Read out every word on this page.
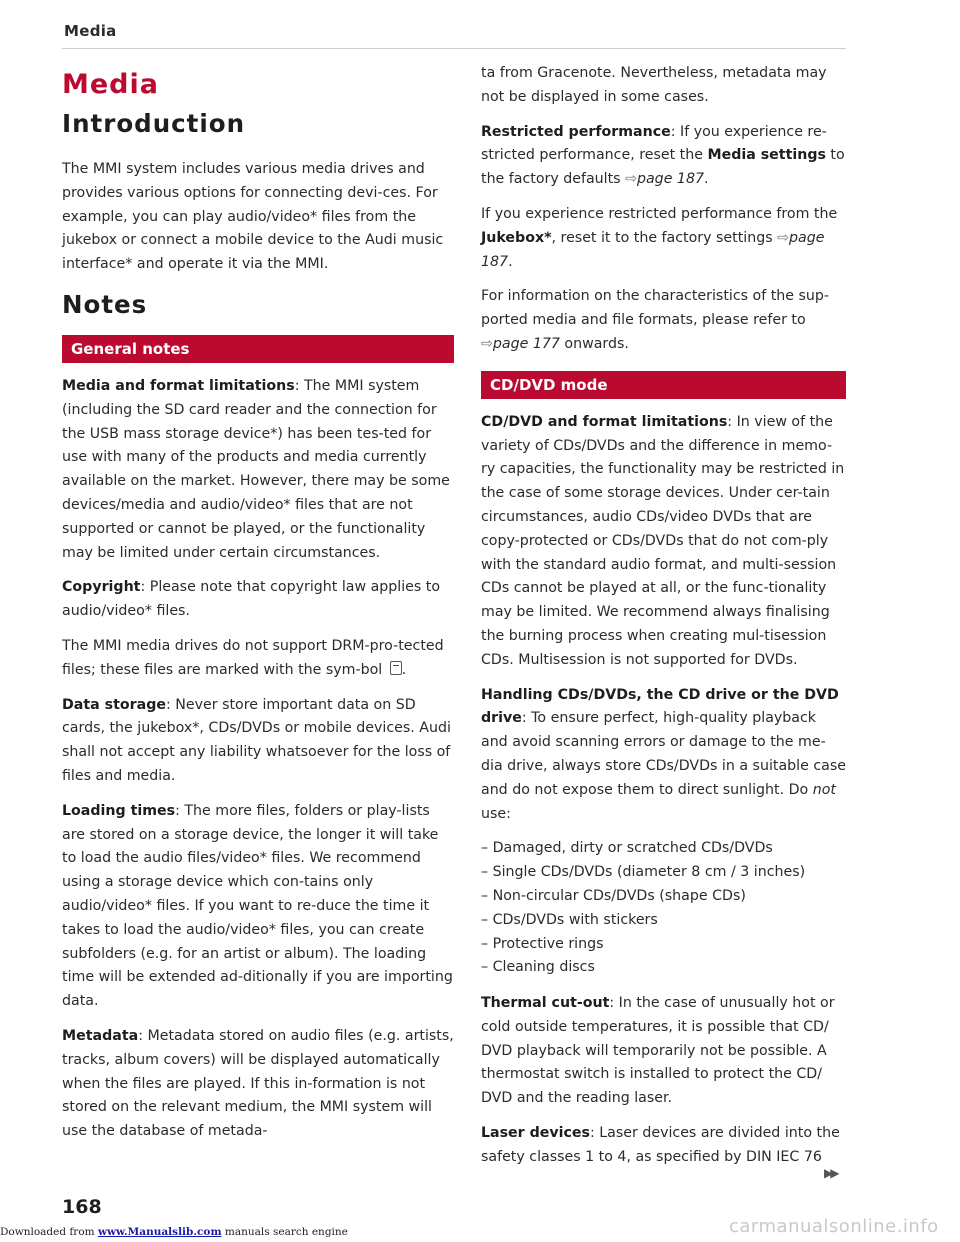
Media
Media
Introduction

The MMI system includes various media drives and provides various options for connecting devi-ces. For example, you can play audio/video* files from the jukebox or connect a mobile device to the Audi music interface* and operate it via the MMI.

Notes
General notes

Media and format limitations: The MMI system (including the SD card reader and the connection for the USB mass storage device*) has been tes-ted for use with many of the products and media currently available on the market. However, there may be some devices/media and audio/video* files that are not supported or cannot be played, or the functionality may be limited under certain circumstances.

Copyright: Please note that copyright law applies to audio/video* files.

The MMI media drives do not support DRM-pro-tected files; these files are marked with the sym-bol .

Data storage: Never store important data on SD cards, the jukebox*, CDs/DVDs or mobile devices. Audi shall not accept any liability whatsoever for the loss of files and media.

Loading times: The more files, folders or play-lists are stored on a storage device, the longer it will take to load the audio files/video* files. We recommend using a storage device which con-tains only audio/video* files. If you want to re-duce the time it takes to load the audio/video* files, you can create subfolders (e.g. for an artist or album). The loading time will be extended ad-ditionally if you are importing data.

Metadata: Metadata stored on audio files (e.g. artists, tracks, album covers) will be displayed automatically when the files are played. If this in-formation is not stored on the relevant medium, the MMI system will use the database of metada-

ta from Gracenote. Nevertheless, metadata may not be displayed in some cases.

Restricted performance: If you experience re-stricted performance, reset the Media settings to the factory defaults ⇨page 187.

If you experience restricted performance from the Jukebox*, reset it to the factory settings ⇨page 187.

For information on the characteristics of the sup-ported media and file formats, please refer to ⇨page 177 onwards.

CD/DVD mode

CD/DVD and format limitations: In view of the variety of CDs/DVDs and the difference in memo-ry capacities, the functionality may be restricted in the case of some storage devices. Under cer-tain circumstances, audio CDs/video DVDs that are copy-protected or CDs/DVDs that do not com-ply with the standard audio format, and multi-session CDs cannot be played at all, or the func-tionality may be limited. We recommend always finalising the burning process when creating mul-tisession CDs. Multisession is not supported for DVDs.

Handling CDs/DVDs, the CD drive or the DVD drive: To ensure perfect, high-quality playback and avoid scanning errors or damage to the me-dia drive, always store CDs/DVDs in a suitable case and do not expose them to direct sunlight. Do not use:

– Damaged, dirty or scratched CDs/DVDs
– Single CDs/DVDs (diameter 8 cm / 3 inches)
– Non-circular CDs/DVDs (shape CDs)
– CDs/DVDs with stickers
– Protective rings
– Cleaning discs

Thermal cut-out: In the case of unusually hot or cold outside temperatures, it is possible that CD/ DVD playback will temporarily not be possible. A thermostat switch is installed to protect the CD/ DVD and the reading laser.

Laser devices: Laser devices are divided into the safety classes 1 to 4, as specified by DIN IEC 76

▶▶
168
Downloaded from www.Manualslib.com manuals search engine	carmanualsonline.info
